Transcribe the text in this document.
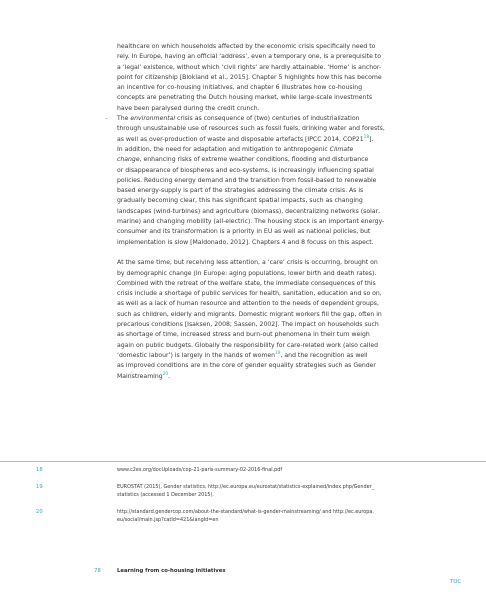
healthcare on which households affected by the economic crisis specifically need to
rely. In Europe, having an official ‘address’, even a temporary one, is a prerequisite to
a ‘legal’ existence, without which ‘civil rights’ are hardly attainable. ‘Home’ is anchor-
point for citizenship [Blokland et al., 2015]. Chapter 5 highlights how this has become
an incentive for co-housing initiatives, and chapter 6 illustrates how co-housing
concepts are penetrating the Dutch housing market, while large-scale investments
have been paralysed during the credit crunch.

– The environmental crisis as consequence of (two) centuries of industrialization
through unsustainable use of resources such as fossil fuels, drinking water and forests,
as well as over-production of waste and disposable artefacts [IPCC 2014, COP21$^{18}$].
In addition, the need for adaptation and mitigation to anthropogenic Climate
change, enhancing risks of extreme weather conditions, flooding and disturbance
or disappearance of biospheres and eco-systems, is increasingly influencing spatial
policies. Reducing energy demand and the transition from fossil-based to renewable
based energy-supply is part of the strategies addressing the climate crisis. As is
gradually becoming clear, this has significant spatial impacts, such as changing
landscapes (wind-turbines) and agriculture (biomass), decentralizing networks (solar,
marine) and changing mobility (all-electric). The housing stock is an important energy-
consumer and its transformation is a priority in EU as well as national policies, but
implementation is slow [Maldonado, 2012]. Chapters 4 and 8 focuss on this aspect.

At the same time, but receiving less attention, a ‘care’ crisis is occurring, brought on
by demographic change (In Europe: aging populations, lower birth and death rates).
Combined with the retreat of the welfare state, the immediate consequences of this
crisis include a shortage of public services for health, sanitation, education and so on,
as well as a lack of human resource and attention to the needs of dependent groups,
such as children, elderly and migrants. Domestic migrant workers fill the gap, often in
precarious conditions [Isaksen, 2008; Sassen, 2002]. The impact on households such
as shortage of time, increased stress and burn-out phenomena in their turn weigh
again on public budgets. Globally the responsibility for care-related work (also called
‘domestic labour’) is largely in the hands of women$^{19}$, and the recognition as well
as improved conditions are in the core of gender equality strategies such as Gender
Mainstreaming$^{20}$.

18	www.c2es.org/docUploads/cop-21-paris-summary-02-2016-final.pdf
19	EUROSTAT (2015), Gender statistics, http://ec.europa.eu/eurostat/statistics-explained/index.php/Gender_
statistics (accessed 1 December 2015).
20	http://standard.gendercop.com/about-the-standard/what-is-gender-mainstreaming/ and http://ec.europa.
eu/social/main.jsp?catId=421&langId=en
78	Learning from co-housing initiatives
TOC
